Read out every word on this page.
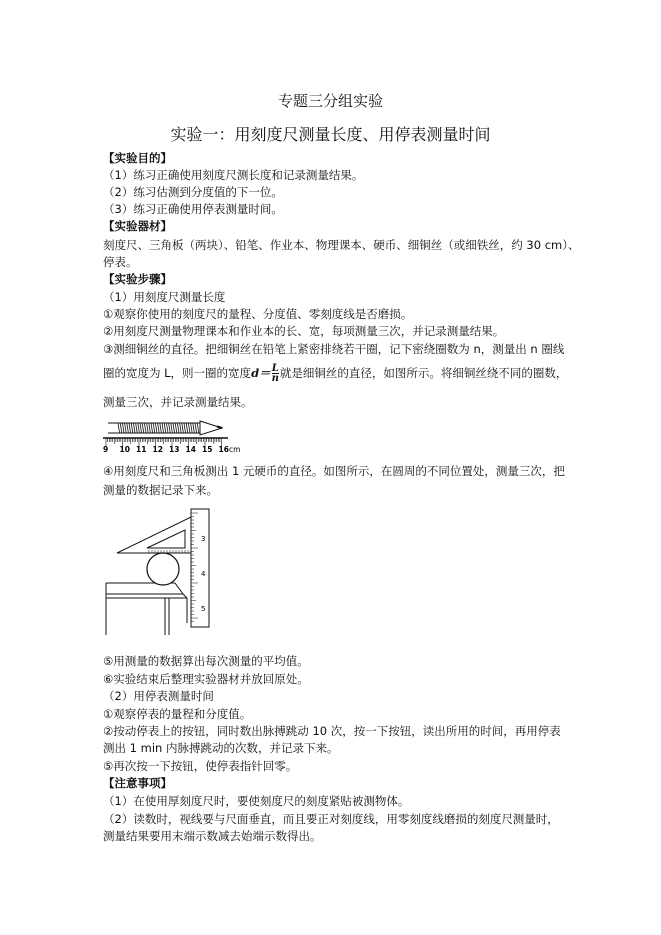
专题三分组实验
实验一：用刻度尺测量长度、用停表测量时间
【实验目的】
（1）练习正确使用刻度尺测长度和记录测量结果。
（2）练习估测到分度值的下一位。
（3）练习正确使用停表测量时间。
【实验器材】
刻度尺、三角板（两块）、铅笔、作业本、物理课本、硬币、细铜丝（或细铁丝，约 30 cm）、
停表。
【实验步骤】
（1）用刻度尺测量长度
①观察你使用的刻度尺的量程、分度值、零刻度线是否磨损。
②用刻度尺测量物理课本和作业本的长、宽，每项测量三次，并记录测量结果。
③测细铜丝的直径。把细铜丝在铅笔上紧密排绕若干圈，记下密绕圈数为 n，测量出 n 圈线
圈的宽度为 L，则一圈的宽度$d= \frac{L}{n}$ 就是细铜丝的直径，如图所示。将细铜丝绕不同的圈数，
测量三次，并记录测量结果。
9 10 11 12 13 14 15 16 cm
④用刻度尺和三角板测出 1 元硬币的直径。如图所示，在圆周的不同位置处，测量三次，把
测量的数据记录下来。
3
4
5
⑤用测量的数据算出每次测量的平均值。
⑥实验结束后整理实验器材并放回原处。
（2）用停表测量时间
①观察停表的量程和分度值。
②按动停表上的按钮，同时数出脉搏跳动 10 次，按一下按钮，读出所用的时间，再用停表
测出 1 min 内脉搏跳动的次数，并记录下来。
⑤再次按一下按钮，使停表指针回零。
【注意事项】
（1）在使用厚刻度尺时，要使刻度尺的刻度紧贴被测物体。
（2）读数时，视线要与尺面垂直，而且要正对刻度线，用零刻度线磨损的刻度尺测量时，
测量结果要用末端示数减去始端示数得出。
